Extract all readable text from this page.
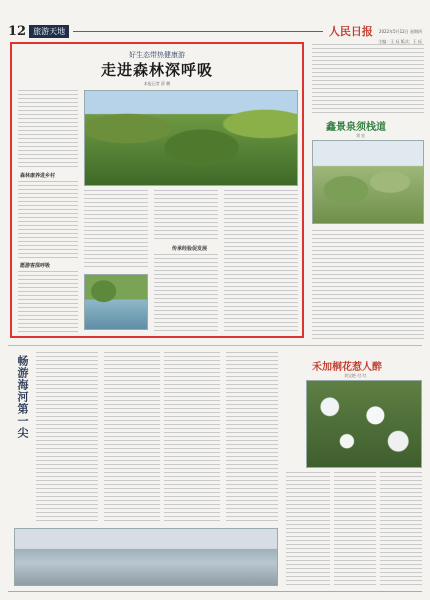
12 旅游天地	人民日报 2022年5月12日 星期四
主编：王 珏 版式：王 珏
好生态带热健康游
走进森林深呼吸
本报记者 薛 鹏
森林康养进乡村
愿游客深呼吸
传承经验促发展
鑫景泉须栈道
刘 宏
畅游海河第一尖	禾加桐花惹人醉
刘宝艳 付 红
